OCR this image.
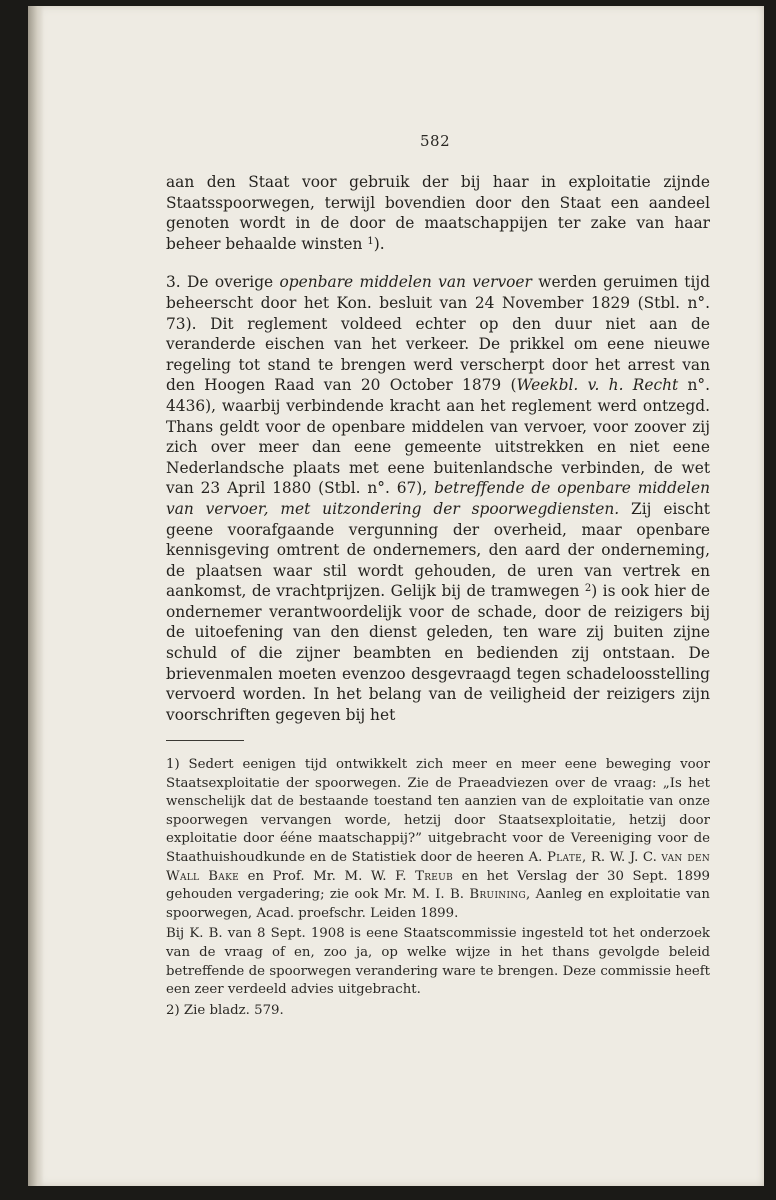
582

aan den Staat voor gebruik der bij haar in exploitatie zijnde Staatsspoorwegen, terwijl bovendien door den Staat een aandeel genoten wordt in de door de maatschappijen ter zake van haar beheer behaalde winsten $^1$).

3. De overige openbare middelen van vervoer werden geruimen tijd beheerscht door het Kon. besluit van 24 November 1829 (Stbl. n°. 73). Dit reglement voldeed echter op den duur niet aan de veranderde eischen van het verkeer. De prikkel om eene nieuwe regeling tot stand te brengen werd verscherpt door het arrest van den Hoogen Raad van 20 October 1879 (Weekbl. v. h. Recht n°. 4436), waarbij verbindende kracht aan het reglement werd ontzegd. Thans geldt voor de openbare middelen van vervoer, voor zoover zij zich over meer dan eene gemeente uitstrekken en niet eene Nederlandsche plaats met eene buitenlandsche verbinden, de wet van 23 April 1880 (Stbl. n°. 67), betreffende de openbare middelen van vervoer, met uitzondering der spoorwegdiensten. Zij eischt geene voorafgaande vergunning der overheid, maar openbare kennisgeving omtrent de ondernemers, den aard der onderneming, de plaatsen waar stil wordt gehouden, de uren van vertrek en aankomst, de vrachtprijzen. Gelijk bij de tramwegen $^2$) is ook hier de ondernemer verantwoordelijk voor de schade, door de reizigers bij de uitoefening van den dienst geleden, ten ware zij buiten zijne schuld of die zijner beambten en bedienden zij ontstaan. De brievenmalen moeten evenzoo desgevraagd tegen schadeloosstelling vervoerd worden. In het belang van de veiligheid der reizigers zijn voorschriften gegeven bij het

1) Sedert eenigen tijd ontwikkelt zich meer en meer eene beweging voor Staatsexploitatie der spoorwegen. Zie de Praeadviezen over de vraag: „Is het wenschelijk dat de bestaande toestand ten aanzien van de exploitatie van onze spoorwegen vervangen worde, hetzij door Staatsexploitatie, hetzij door exploitatie door ééne maatschappij?” uitgebracht voor de Vereeniging voor de Staathuishoudkunde en de Statistiek door de heeren A. Plate, R. W. J. C. van den Wall Bake en Prof. Mr. M. W. F. Treub en het Verslag der 30 Sept. 1899 gehouden vergadering; zie ook Mr. M. I. B. Bruining, Aanleg en exploitatie van spoorwegen, Acad. proefschr. Leiden 1899.

Bij K. B. van 8 Sept. 1908 is eene Staatscommissie ingesteld tot het onderzoek van de vraag of en, zoo ja, op welke wijze in het thans gevolgde beleid betreffende de spoorwegen verandering ware te brengen. Deze commissie heeft een zeer verdeeld advies uitgebracht.

2) Zie bladz. 579.
